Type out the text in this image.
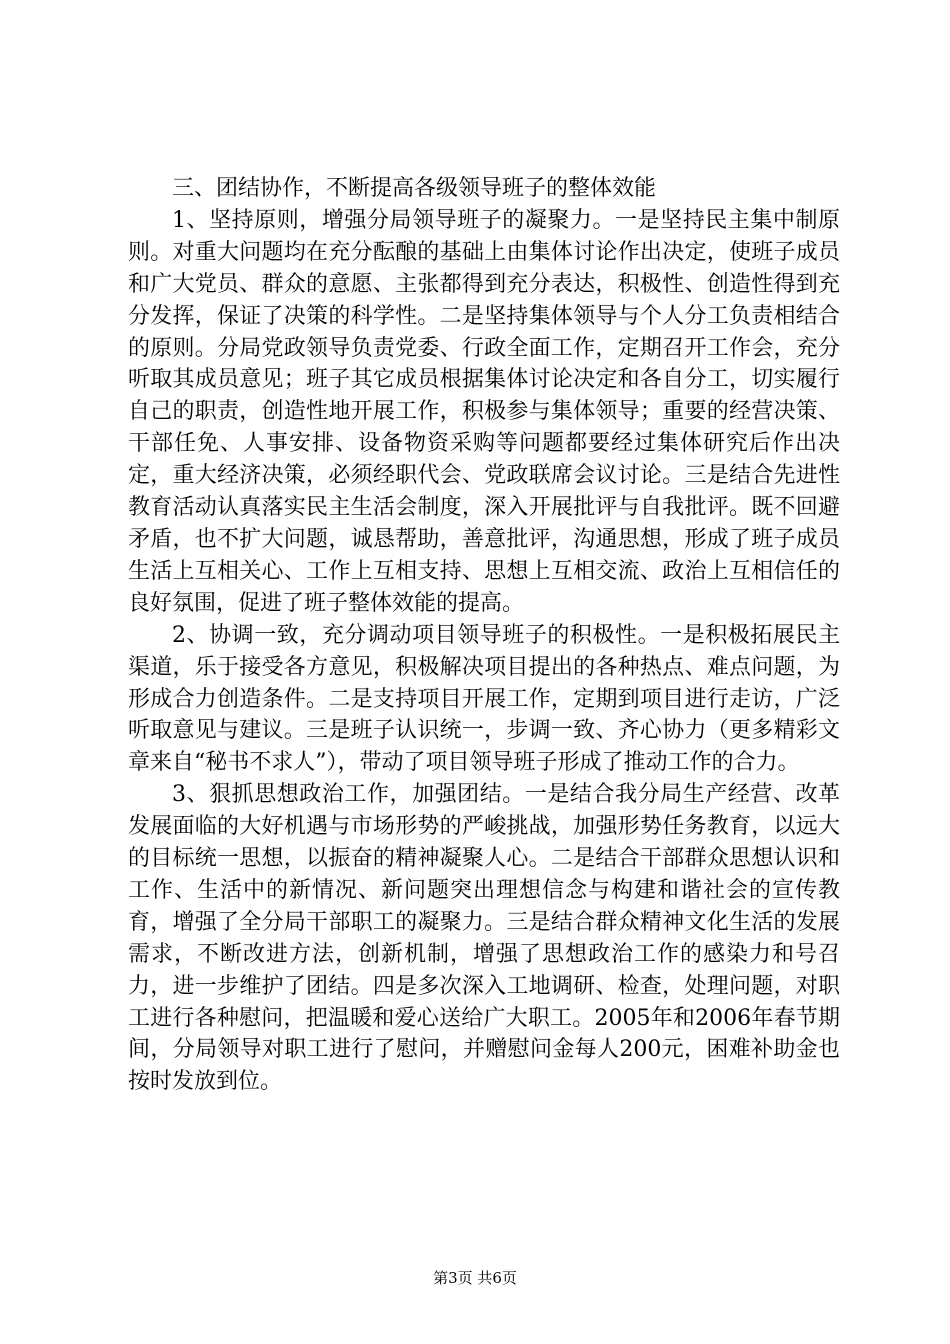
三、团结协作，不断提高各级领导班子的整体效能

1、坚持原则，增强分局领导班子的凝聚力。一是坚持民主集中制原则。对重大问题均在充分酝酿的基础上由集体讨论作出决定，使班子成员和广大党员、群众的意愿、主张都得到充分表达，积极性、创造性得到充分发挥，保证了决策的科学性。二是坚持集体领导与个人分工负责相结合的原则。分局党政领导负责党委、行政全面工作，定期召开工作会，充分听取其成员意见；班子其它成员根据集体讨论决定和各自分工，切实履行自己的职责，创造性地开展工作，积极参与集体领导；重要的经营决策、干部任免、人事安排、设备物资采购等问题都要经过集体研究后作出决定，重大经济决策，必须经职代会、党政联席会议讨论。三是结合先进性教育活动认真落实民主生活会制度，深入开展批评与自我批评。既不回避矛盾，也不扩大问题，诚恳帮助，善意批评，沟通思想，形成了班子成员生活上互相关心、工作上互相支持、思想上互相交流、政治上互相信任的良好氛围，促进了班子整体效能的提高。

2、协调一致，充分调动项目领导班子的积极性。一是积极拓展民主渠道，乐于接受各方意见，积极解决项目提出的各种热点、难点问题，为形成合力创造条件。二是支持项目开展工作，定期到项目进行走访，广泛听取意见与建议。三是班子认识统一，步调一致、齐心协力（更多精彩文章来自“秘书不求人”），带动了项目领导班子形成了推动工作的合力。

3、狠抓思想政治工作，加强团结。一是结合我分局生产经营、改革发展面临的大好机遇与市场形势的严峻挑战，加强形势任务教育，以远大的目标统一思想，以振奋的精神凝聚人心。二是结合干部群众思想认识和工作、生活中的新情况、新问题突出理想信念与构建和谐社会的宣传教育，增强了全分局干部职工的凝聚力。三是结合群众精神文化生活的发展需求，不断改进方法，创新机制，增强了思想政治工作的感染力和号召力，进一步维护了团结。四是多次深入工地调研、检查，处理问题，对职工进行各种慰问，把温暖和爱心送给广大职工。2005年和2006年春节期间，分局领导对职工进行了慰问，并赠慰问金每人200元，困难补助金也按时发放到位。

第3页 共6页
